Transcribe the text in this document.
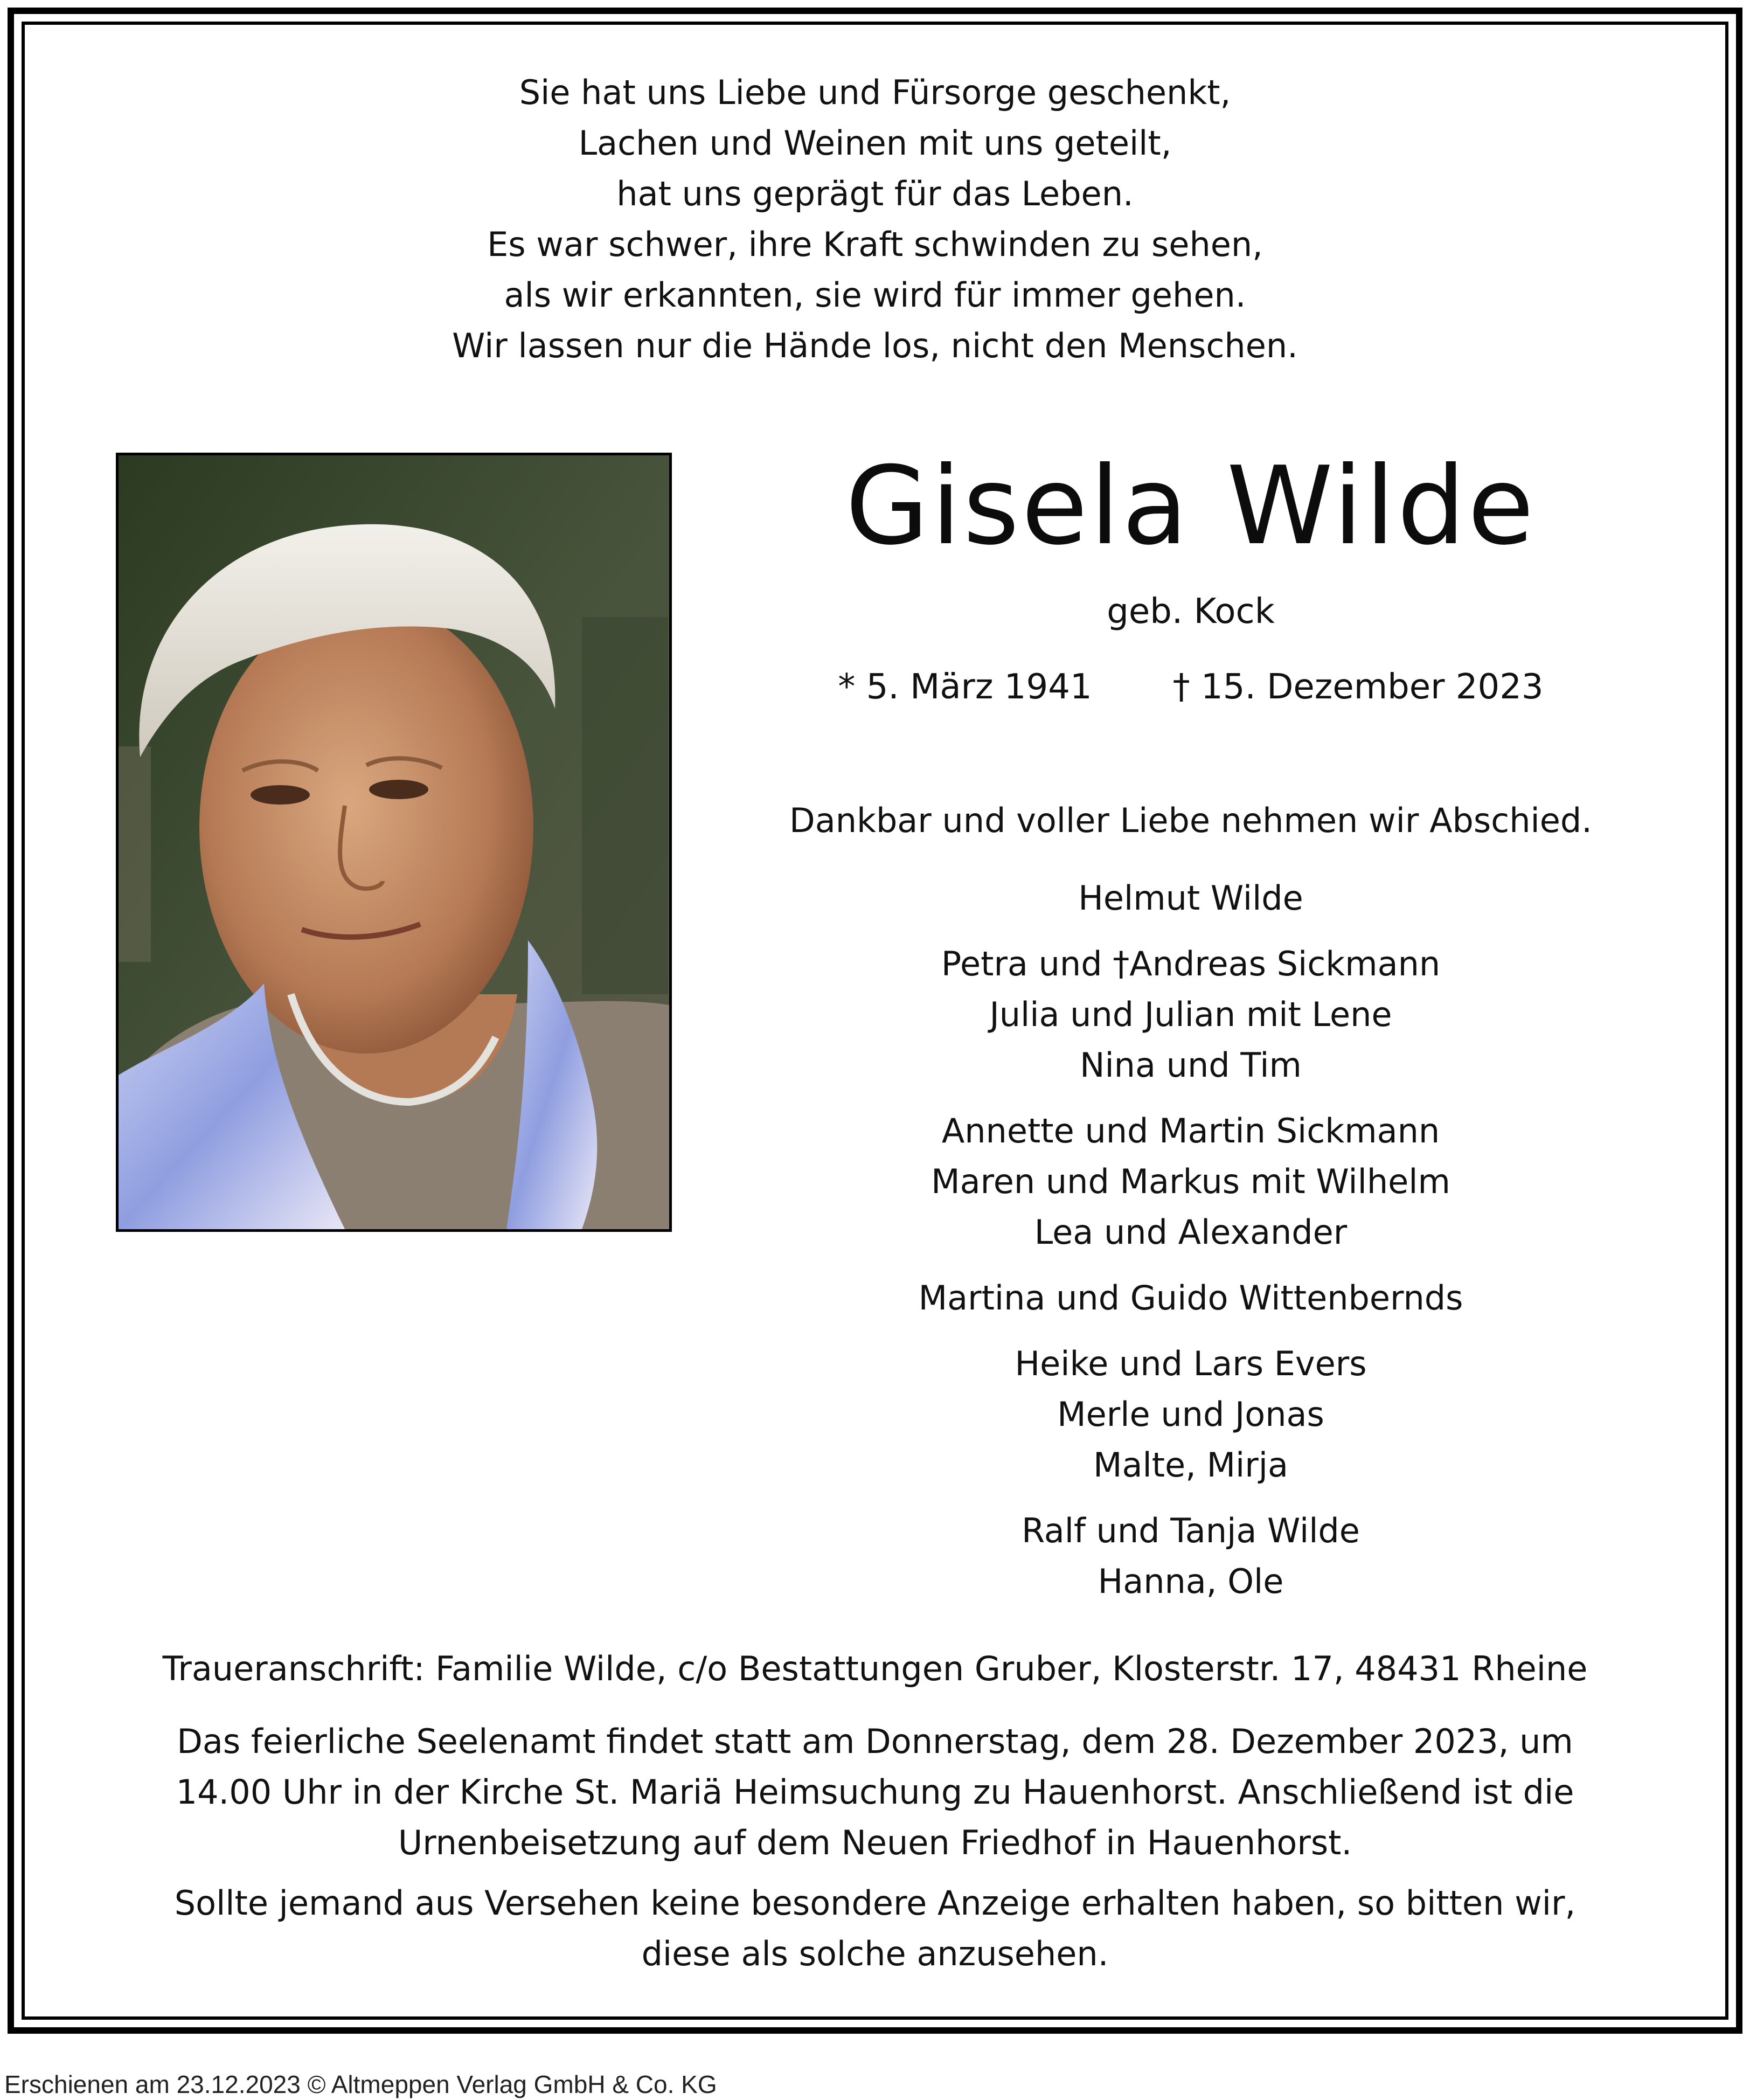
Sie hat uns Liebe und Fürsorge geschenkt,
Lachen und Weinen mit uns geteilt,
hat uns geprägt für das Leben.
Es war schwer, ihre Kraft schwinden zu sehen,
als wir erkannten, sie wird für immer gehen.
Wir lassen nur die Hände los, nicht den Menschen.
Gisela Wilde
geb. Kock
* 5. März 1941 † 15. Dezember 2023
Dankbar und voller Liebe nehmen wir Abschied.
Helmut Wilde
Petra und †Andreas Sickmann
Julia und Julian mit Lene
Nina und Tim
Annette und Martin Sickmann
Maren und Markus mit Wilhelm
Lea und Alexander
Martina und Guido Wittenbernds
Heike und Lars Evers
Merle und Jonas
Malte, Mirja
Ralf und Tanja Wilde
Hanna, Ole
Traueranschrift: Familie Wilde, c/o Bestattungen Gruber, Klosterstr. 17, 48431 Rheine
Das feierliche Seelenamt findet statt am Donnerstag, dem 28. Dezember 2023, um
14.00 Uhr in der Kirche St. Mariä Heimsuchung zu Hauenhorst. Anschließend ist die
Urnenbeisetzung auf dem Neuen Friedhof in Hauenhorst.
Sollte jemand aus Versehen keine besondere Anzeige erhalten haben, so bitten wir,
diese als solche anzusehen.
Erschienen am 23.12.2023 © Altmeppen Verlag GmbH & Co. KG
